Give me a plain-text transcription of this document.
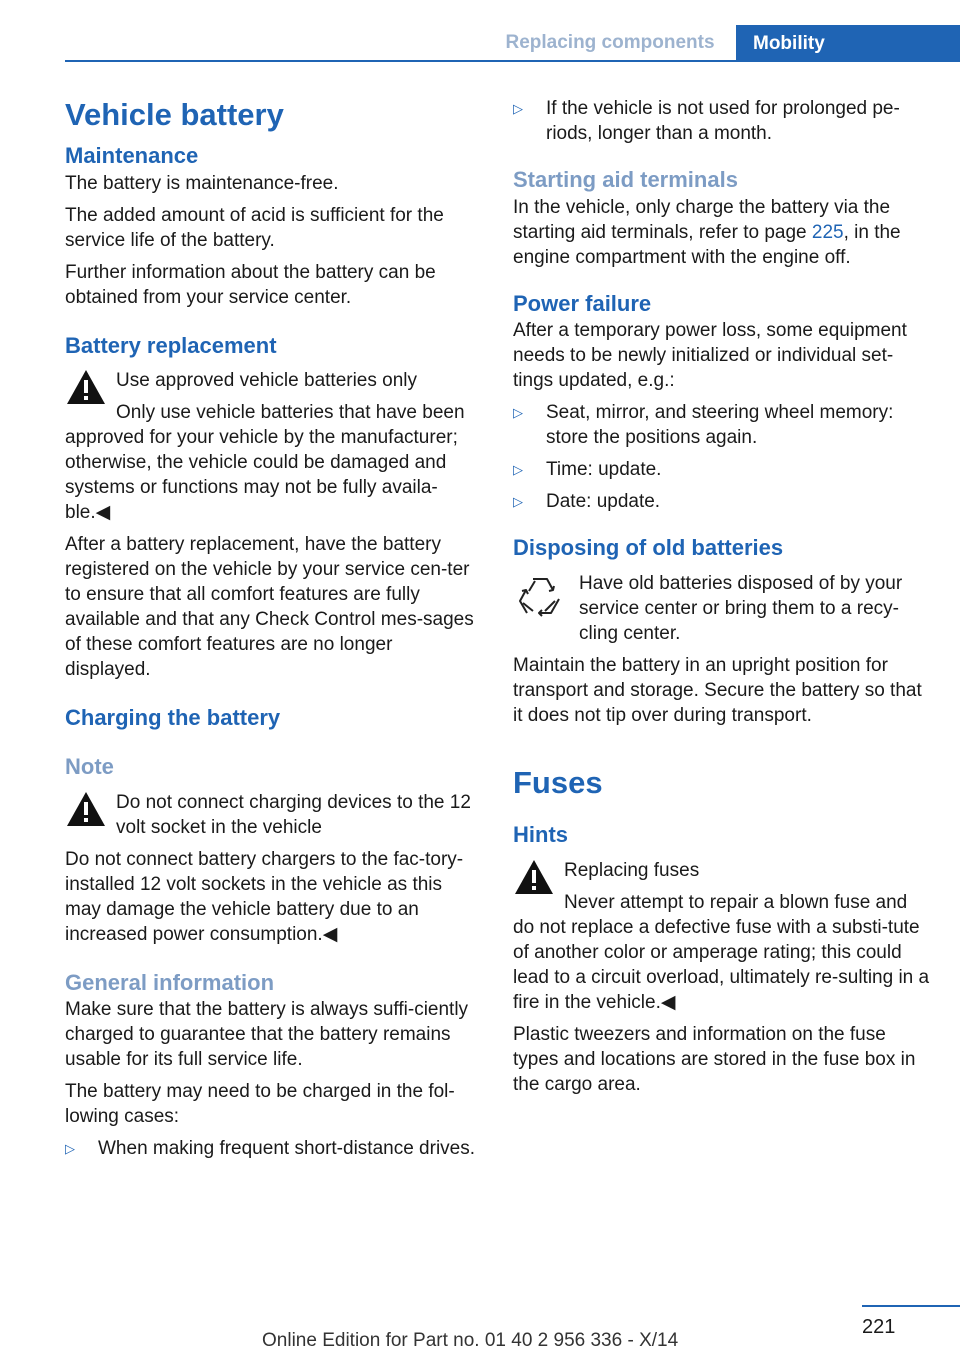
Replacing components	Mobility
Vehicle battery
Maintenance

The battery is maintenance-free.

The added amount of acid is sufficient for the service life of the battery.

Further information about the battery can be obtained from your service center.

Battery replacement

Use approved vehicle batteries only

Only use vehicle batteries that have been approved for your vehicle by the manufacturer; otherwise, the vehicle could be damaged and systems or functions may not be fully availa-ble.◀

After a battery replacement, have the battery registered on the vehicle by your service cen-ter to ensure that all comfort features are fully available and that any Check Control mes-sages of these comfort features are no longer displayed.

Charging the battery
Note

Do not connect charging devices to the 12 volt socket in the vehicle

Do not connect battery chargers to the fac-tory-installed 12 volt sockets in the vehicle as this may damage the vehicle battery due to an increased power consumption.◀

General information

Make sure that the battery is always suffi-ciently charged to guarantee that the battery remains usable for its full service life.

The battery may need to be charged in the fol-lowing cases:

▷ When making frequent short-distance drives.
▷ If the vehicle is not used for prolonged pe-riods, longer than a month.
Starting aid terminals

In the vehicle, only charge the battery via the starting aid terminals, refer to page 225, in the engine compartment with the engine off.

Power failure

After a temporary power loss, some equipment needs to be newly initialized or individual set-tings updated, e.g.:

▷ Seat, mirror, and steering wheel memory: store the positions again.
▷ Time: update.
▷ Date: update.
Disposing of old batteries

Have old batteries disposed of by your service center or bring them to a recy-cling center.

Maintain the battery in an upright position for transport and storage. Secure the battery so that it does not tip over during transport.

Fuses
Hints

Replacing fuses

Never attempt to repair a blown fuse and do not replace a defective fuse with a substi-tute of another color or amperage rating; this could lead to a circuit overload, ultimately re-sulting in a fire in the vehicle.◀

Plastic tweezers and information on the fuse types and locations are stored in the fuse box in the cargo area.

221
Online Edition for Part no. 01 40 2 956 336 - X/14
